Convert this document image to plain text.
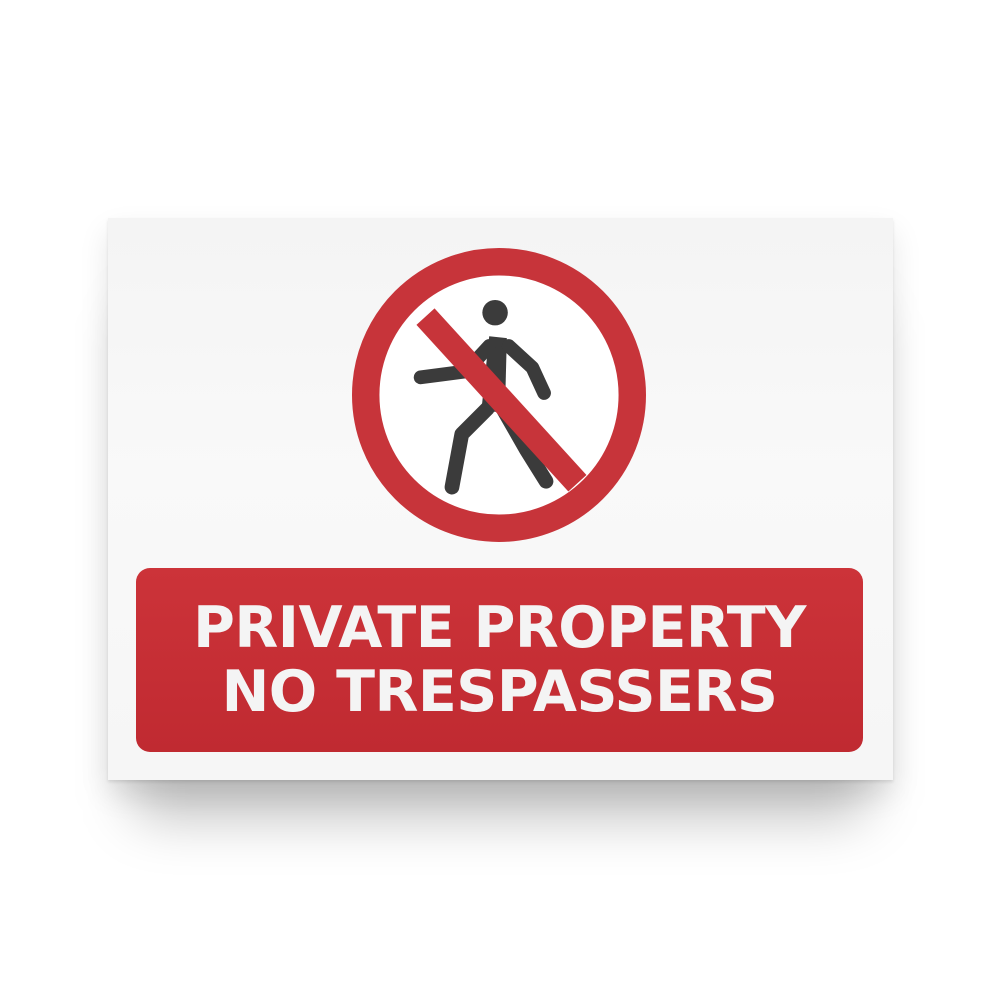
PRIVATE PROPERTY
NO TRESPASSERS
